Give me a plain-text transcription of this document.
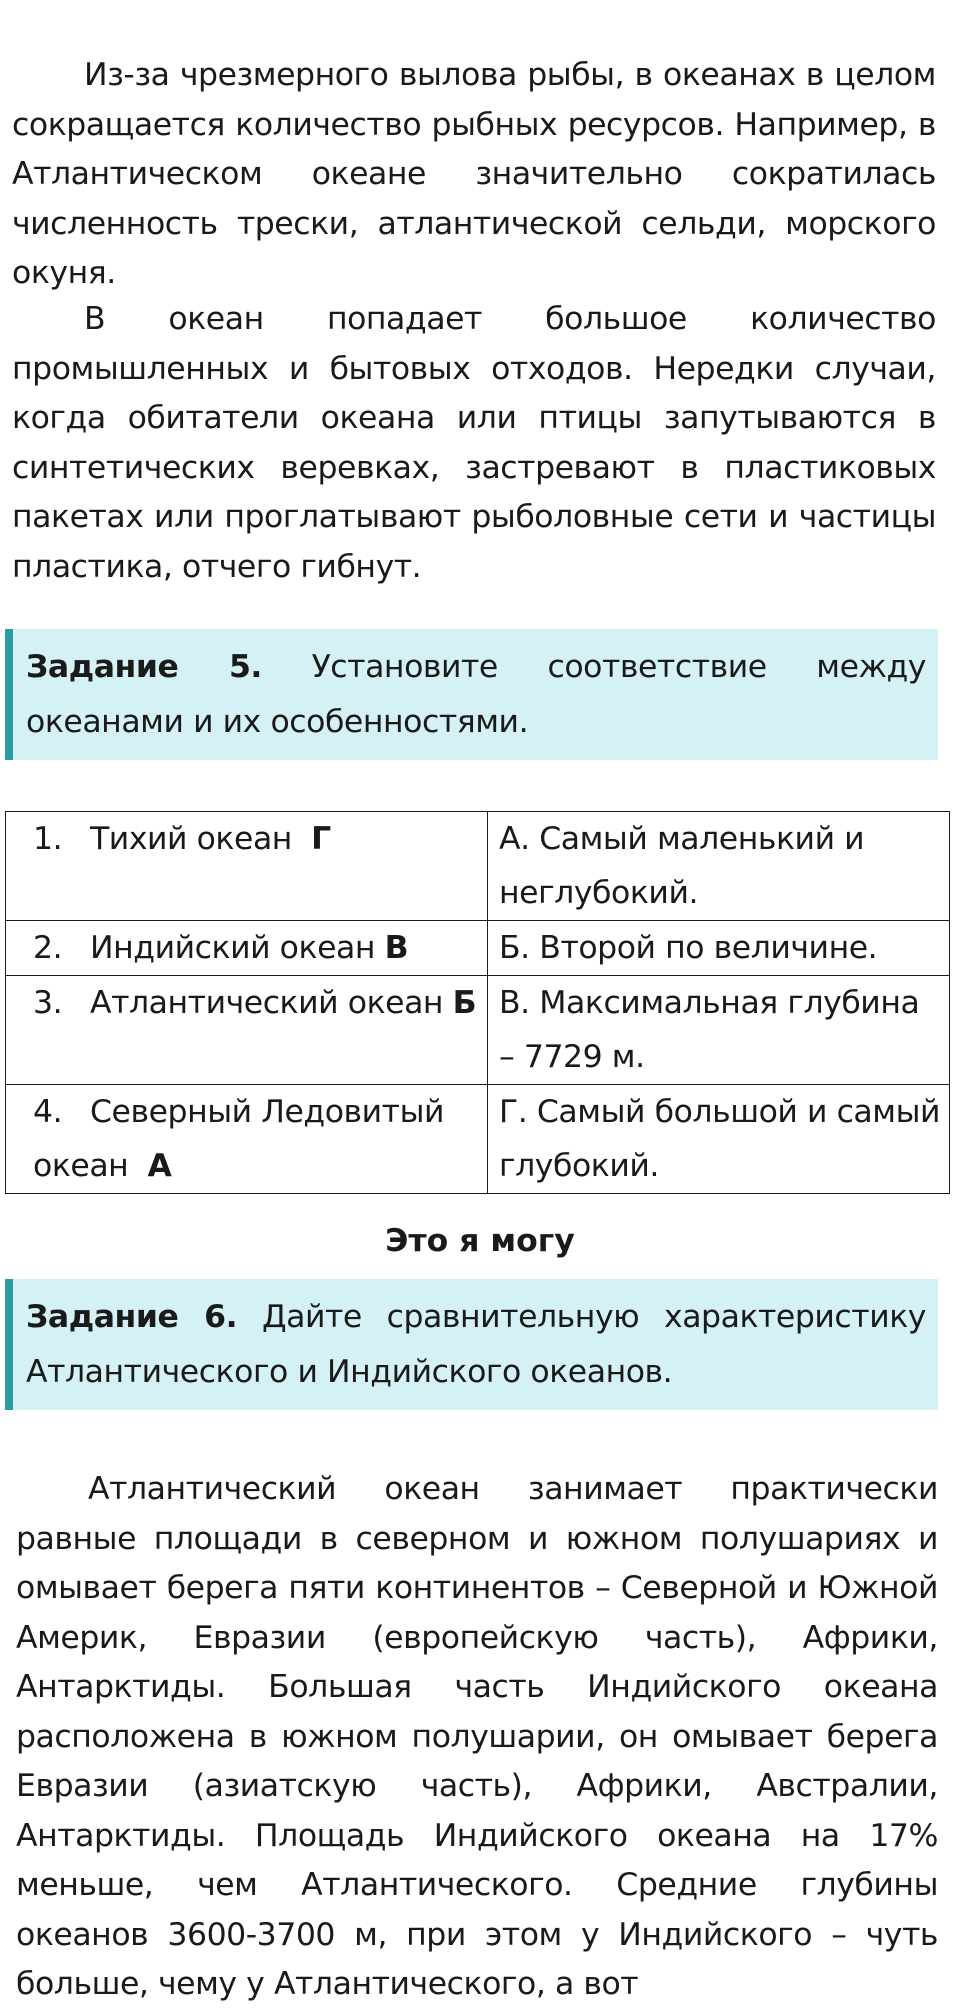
Из-за чрезмерного вылова рыбы, в океанах в целом сокращается количество рыбных ресурсов. Например, в Атлантическом океане значительно сократилась численность трески, атлантической сельди, морского окуня.

В океан попадает большое количество промышленных и бытовых отходов. Нередки случаи, когда обитатели океана или птицы запутываются в синтетических веревках, застревают в пластиковых пакетах или проглатывают рыболовные сети и частицы пластика, отчего гибнут.

Задание 5. Установите соответствие между океанами и их особенностями.
1. Тихий океан Г	А. Самый маленький и неглубокий.
2. Индийский океан В	Б. Второй по величине.
3. Атлантический океан Б	В. Максимальная глубина – 7729 м.
4. Северный Ледовитый океан А	Г. Самый большой и самый глубокий.
Это я могу
Задание 6. Дайте сравнительную характеристику Атлантического и Индийского океанов.

Атлантический океан занимает практически равные площади в северном и южном полушариях и омывает берега пяти континентов – Северной и Южной Америк, Евразии (европейскую часть), Африки, Антарктиды. Большая часть Индийского океана расположена в южном полушарии, он омывает берега Евразии (азиатскую часть), Африки, Австралии, Антарктиды. Площадь Индийского океана на 17% меньше, чем Атлантического. Средние глубины океанов 3600-3700 м, при этом у Индийского – чуть больше, чему у Атлантического, а вот
